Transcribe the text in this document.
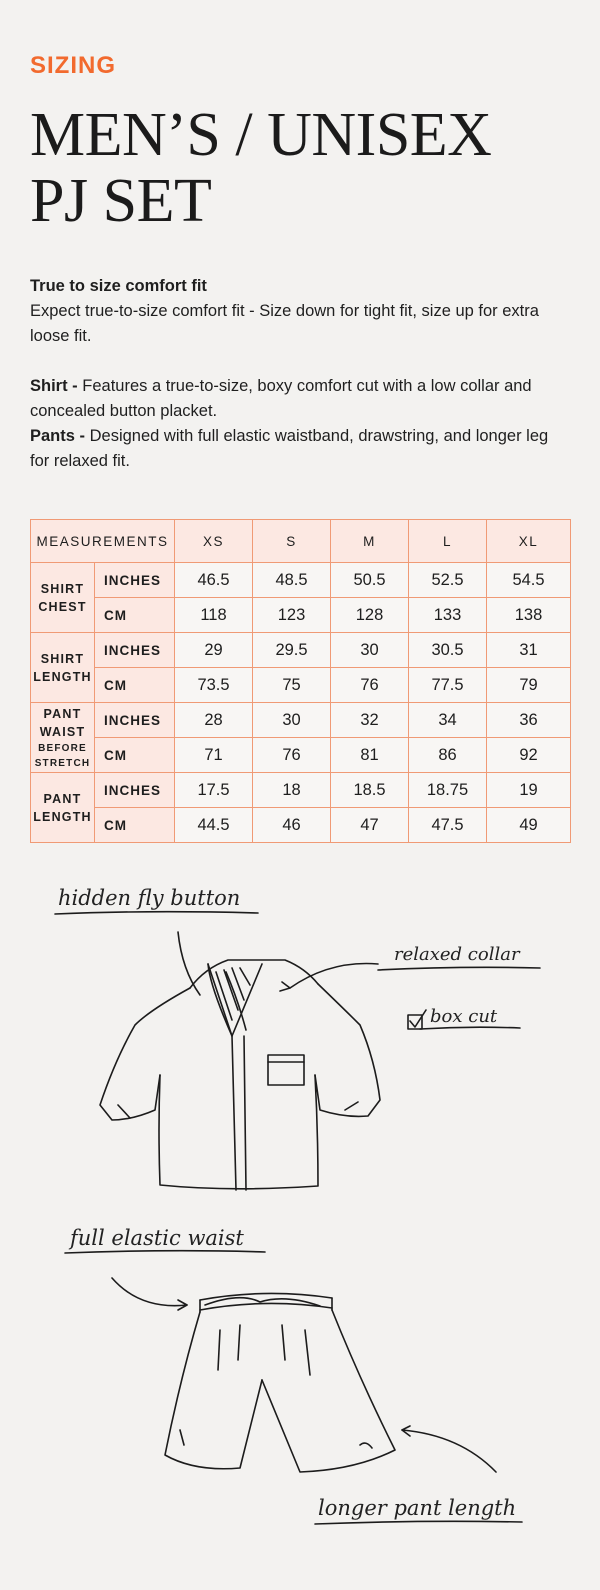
SIZING
MEN’S / UNISEX
PJ SET

True to size comfort fit

Expect true-to-size comfort fit - Size down for tight fit, size up for extra loose fit.

Shirt - Features a true-to-size, boxy comfort cut with a low collar and concealed button placket.

Pants - Designed with full elastic waistband, drawstring, and longer leg for relaxed fit.

MEASUREMENTS		XS	S	M	L	XL
SHIRT
CHEST	INCHES	46.5	48.5	50.5	52.5	54.5
	CM	118	123	128	133	138
SHIRT
LENGTH	INCHES	29	29.5	30	30.5	31
	CM	73.5	75	76	77.5	79
PANT
WAIST
BEFORE
STRETCH	INCHES	28	30	32	34	36
	CM	71	76	81	86	92
PANT
LENGTH	INCHES	17.5	18	18.5	18.75	19
	CM	44.5	46	47	47.5	49

hidden fly button

relaxed collar

box cut

full elastic waist

longer pant length
